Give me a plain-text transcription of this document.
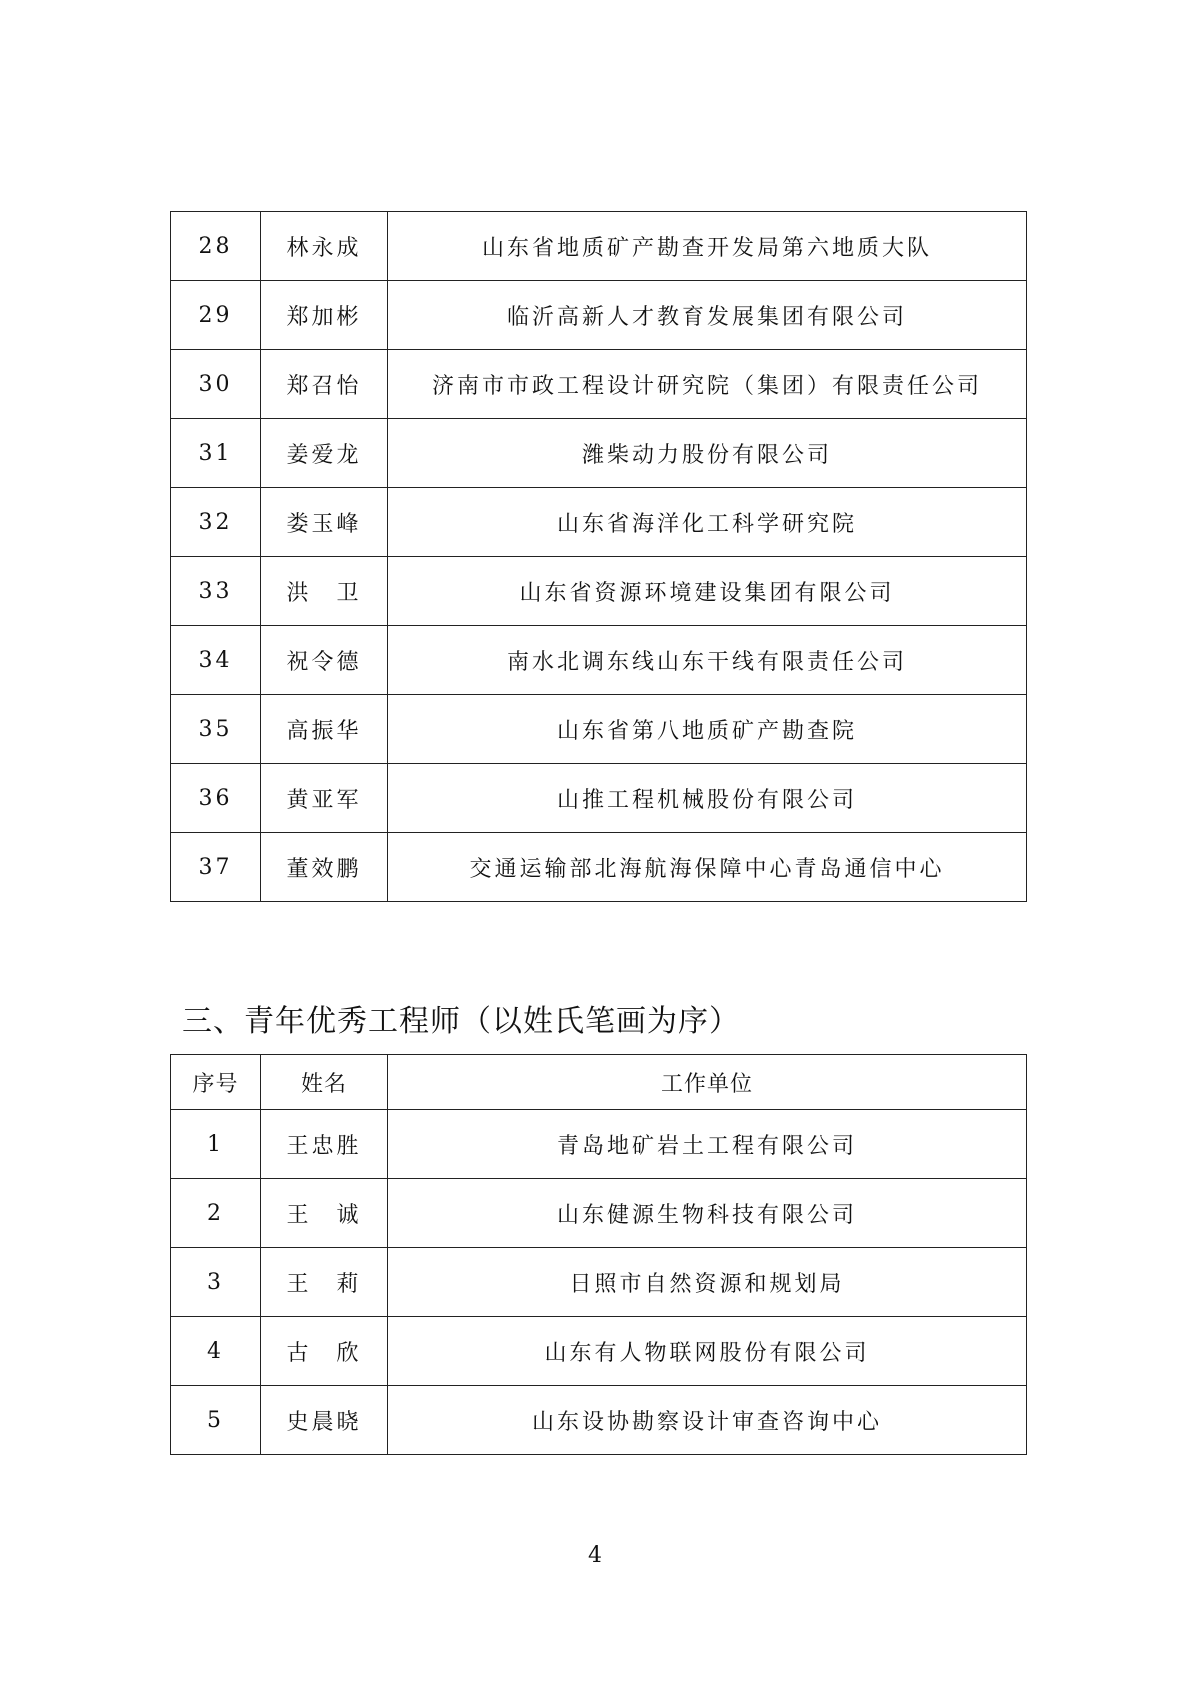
28	林永成	山东省地质矿产勘查开发局第六地质大队
29	郑加彬	临沂高新人才教育发展集团有限公司
30	郑召怡	济南市市政工程设计研究院（集团）有限责任公司
31	姜爱龙	潍柴动力股份有限公司
32	娄玉峰	山东省海洋化工科学研究院
33	洪　卫	山东省资源环境建设集团有限公司
34	祝令德	南水北调东线山东干线有限责任公司
35	高振华	山东省第八地质矿产勘查院
36	黄亚军	山推工程机械股份有限公司
37	董效鹏	交通运输部北海航海保障中心青岛通信中心
三、青年优秀工程师（以姓氏笔画为序）
序号	姓名	工作单位
1	王忠胜	青岛地矿岩土工程有限公司
2	王　诚	山东健源生物科技有限公司
3	王　莉	日照市自然资源和规划局
4	古　欣	山东有人物联网股份有限公司
5	史晨晓	山东设协勘察设计审查咨询中心
4
